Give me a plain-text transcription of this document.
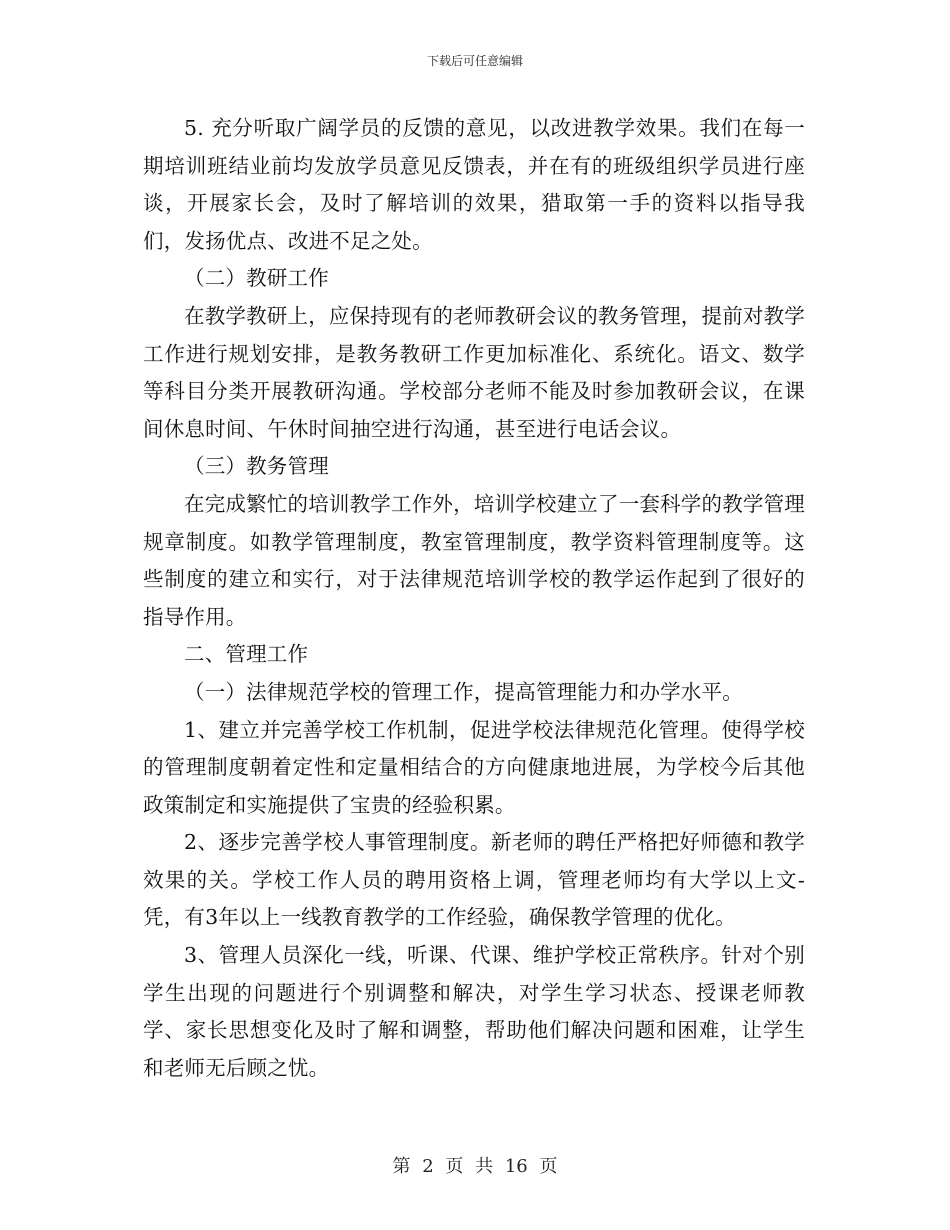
下载后可任意编辑

5. 充分听取广阔学员的反馈的意见，以改进教学效果。我们在每一期培训班结业前均发放学员意见反馈表，并在有的班级组织学员进行座谈，开展家长会，及时了解培训的效果，猎取第一手的资料以指导我们，发扬优点、改进不足之处。

（二）教研工作

在教学教研上，应保持现有的老师教研会议的教务管理，提前对教学工作进行规划安排，是教务教研工作更加标准化、系统化。语文、数学等科目分类开展教研沟通。学校部分老师不能及时参加教研会议，在课间休息时间、午休时间抽空进行沟通，甚至进行电话会议。

（三）教务管理

在完成繁忙的培训教学工作外，培训学校建立了一套科学的教学管理规章制度。如教学管理制度，教室管理制度，教学资料管理制度等。这些制度的建立和实行，对于法律规范培训学校的教学运作起到了很好的指导作用。

二、管理工作

（一）法律规范学校的管理工作，提高管理能力和办学水平。

1、建立并完善学校工作机制，促进学校法律规范化管理。使得学校的管理制度朝着定性和定量相结合的方向健康地进展，为学校今后其他政策制定和实施提供了宝贵的经验积累。

2、逐步完善学校人事管理制度。新老师的聘任严格把好师德和教学效果的关。学校工作人员的聘用资格上调，管理老师均有大学以上文-凭，有3年以上一线教育教学的工作经验，确保教学管理的优化。

3、管理人员深化一线，听课、代课、维护学校正常秩序。针对个别学生出现的问题进行个别调整和解决，对学生学习状态、授课老师教学、家长思想变化及时了解和调整，帮助他们解决问题和困难，让学生和老师无后顾之忧。

第 2 页 共 16 页
